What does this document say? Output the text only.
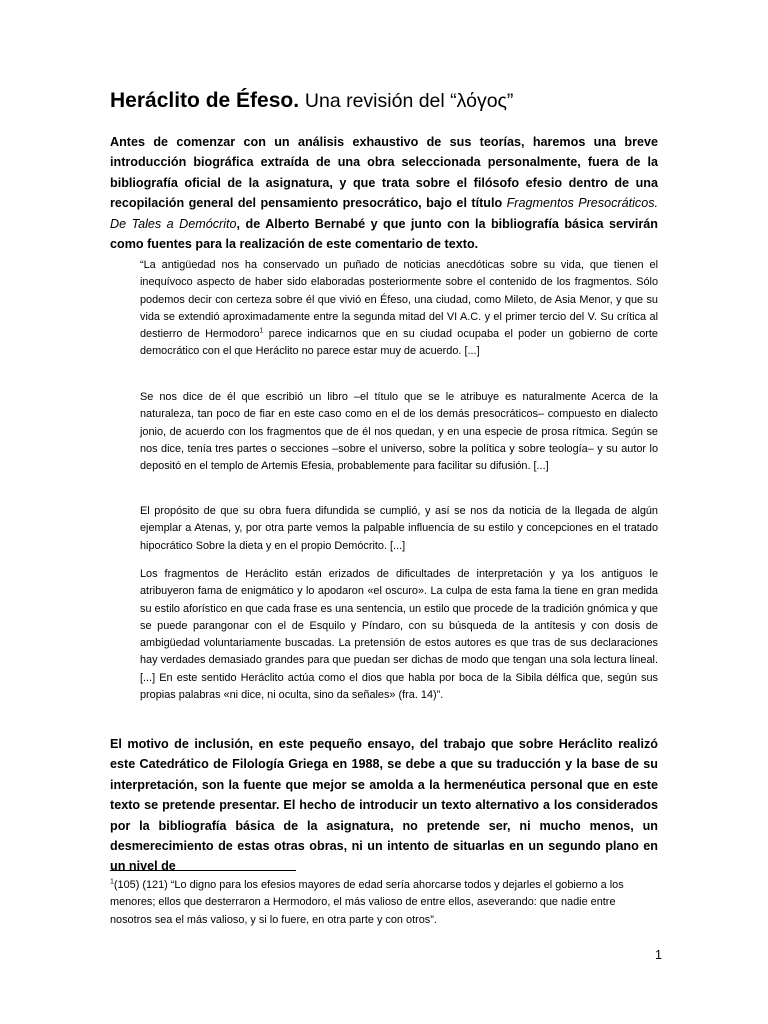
Heráclito de Éfeso. Una revisión del “λόγος”
Antes de comenzar con un análisis exhaustivo de sus teorías, haremos una breve introducción biográfica extraída de una obra seleccionada personalmente, fuera de la bibliografía oficial de la asignatura, y que trata sobre el filósofo efesio dentro de una recopilación general del pensamiento presocrático, bajo el título Fragmentos Presocráticos. De Tales a Demócrito, de Alberto Bernabé y que junto con la bibliografía básica servirán como fuentes para la realización de este comentario de texto.
“La antigüedad nos ha conservado un puñado de noticias anecdóticas sobre su vida, que tienen el inequívoco aspecto de haber sido elaboradas posteriormente sobre el contenido de los fragmentos. Sólo podemos decir con certeza sobre él que vivió en Éfeso, una ciudad, como Mileto, de Asia Menor, y que su vida se extendió aproximadamente entre la segunda mitad del VI A.C. y el primer tercio del V. Su crítica al destierro de Hermodoro$^1$ parece indicarnos que en su ciudad ocupaba el poder un gobierno de corte democrático con el que Heráclito no parece estar muy de acuerdo. [...]
Se nos dice de él que escribió un libro –el título que se le atribuye es naturalmente Acerca de la naturaleza, tan poco de fiar en este caso como en el de los demás presocráticos– compuesto en dialecto jonio, de acuerdo con los fragmentos que de él nos quedan, y en una especie de prosa rítmica. Según se nos dice, tenía tres partes o secciones –sobre el universo, sobre la política y sobre teología– y su autor lo depositó en el templo de Artemis Efesia, probablemente para facilitar su difusión. [...]
El propósito de que su obra fuera difundida se cumplió, y así se nos da noticia de la llegada de algún ejemplar a Atenas, y, por otra parte vemos la palpable influencia de su estilo y concepciones en el tratado hipocrático Sobre la dieta y en el propio Demócrito. [...]
Los fragmentos de Heráclito están erizados de dificultades de interpretación y ya los antiguos le atribuyeron fama de enigmático y lo apodaron «el oscuro». La culpa de esta fama la tiene en gran medida su estilo aforístico en que cada frase es una sentencia, un estilo que procede de la tradición gnómica y que se puede parangonar con el de Esquilo y Píndaro, con su búsqueda de la antítesis y con dosis de ambigüedad voluntariamente buscadas. La pretensión de estos autores es que tras de sus declaraciones hay verdades demasiado grandes para que puedan ser dichas de modo que tengan una sola lectura lineal. [...] En este sentido Heráclito actúa como el dios que habla por boca de la Sibila délfica que, según sus propias palabras «ni dice, ni oculta, sino da señales» (fra. 14)”.
El motivo de inclusión, en este pequeño ensayo, del trabajo que sobre Heráclito realizó este Catedrático de Filología Griega en 1988, se debe a que su traducción y la base de su interpretación, son la fuente que mejor se amolda a la hermenéutica personal que en este texto se pretende presentar. El hecho de introducir un texto alternativo a los considerados por la bibliografía básica de la asignatura, no pretende ser, ni mucho menos, un desmerecimiento de estas otras obras, ni un intento de situarlas en un segundo plano en un nivel de
$^1$(105) (121) “Lo digno para los efesios mayores de edad sería ahorcarse todos y dejarles el gobierno a los menores; ellos que desterraron a Hermodoro, el más valioso de entre ellos, aseverando: que nadie entre nosotros sea el más valioso, y si lo fuere, en otra parte y con otros”.
1
